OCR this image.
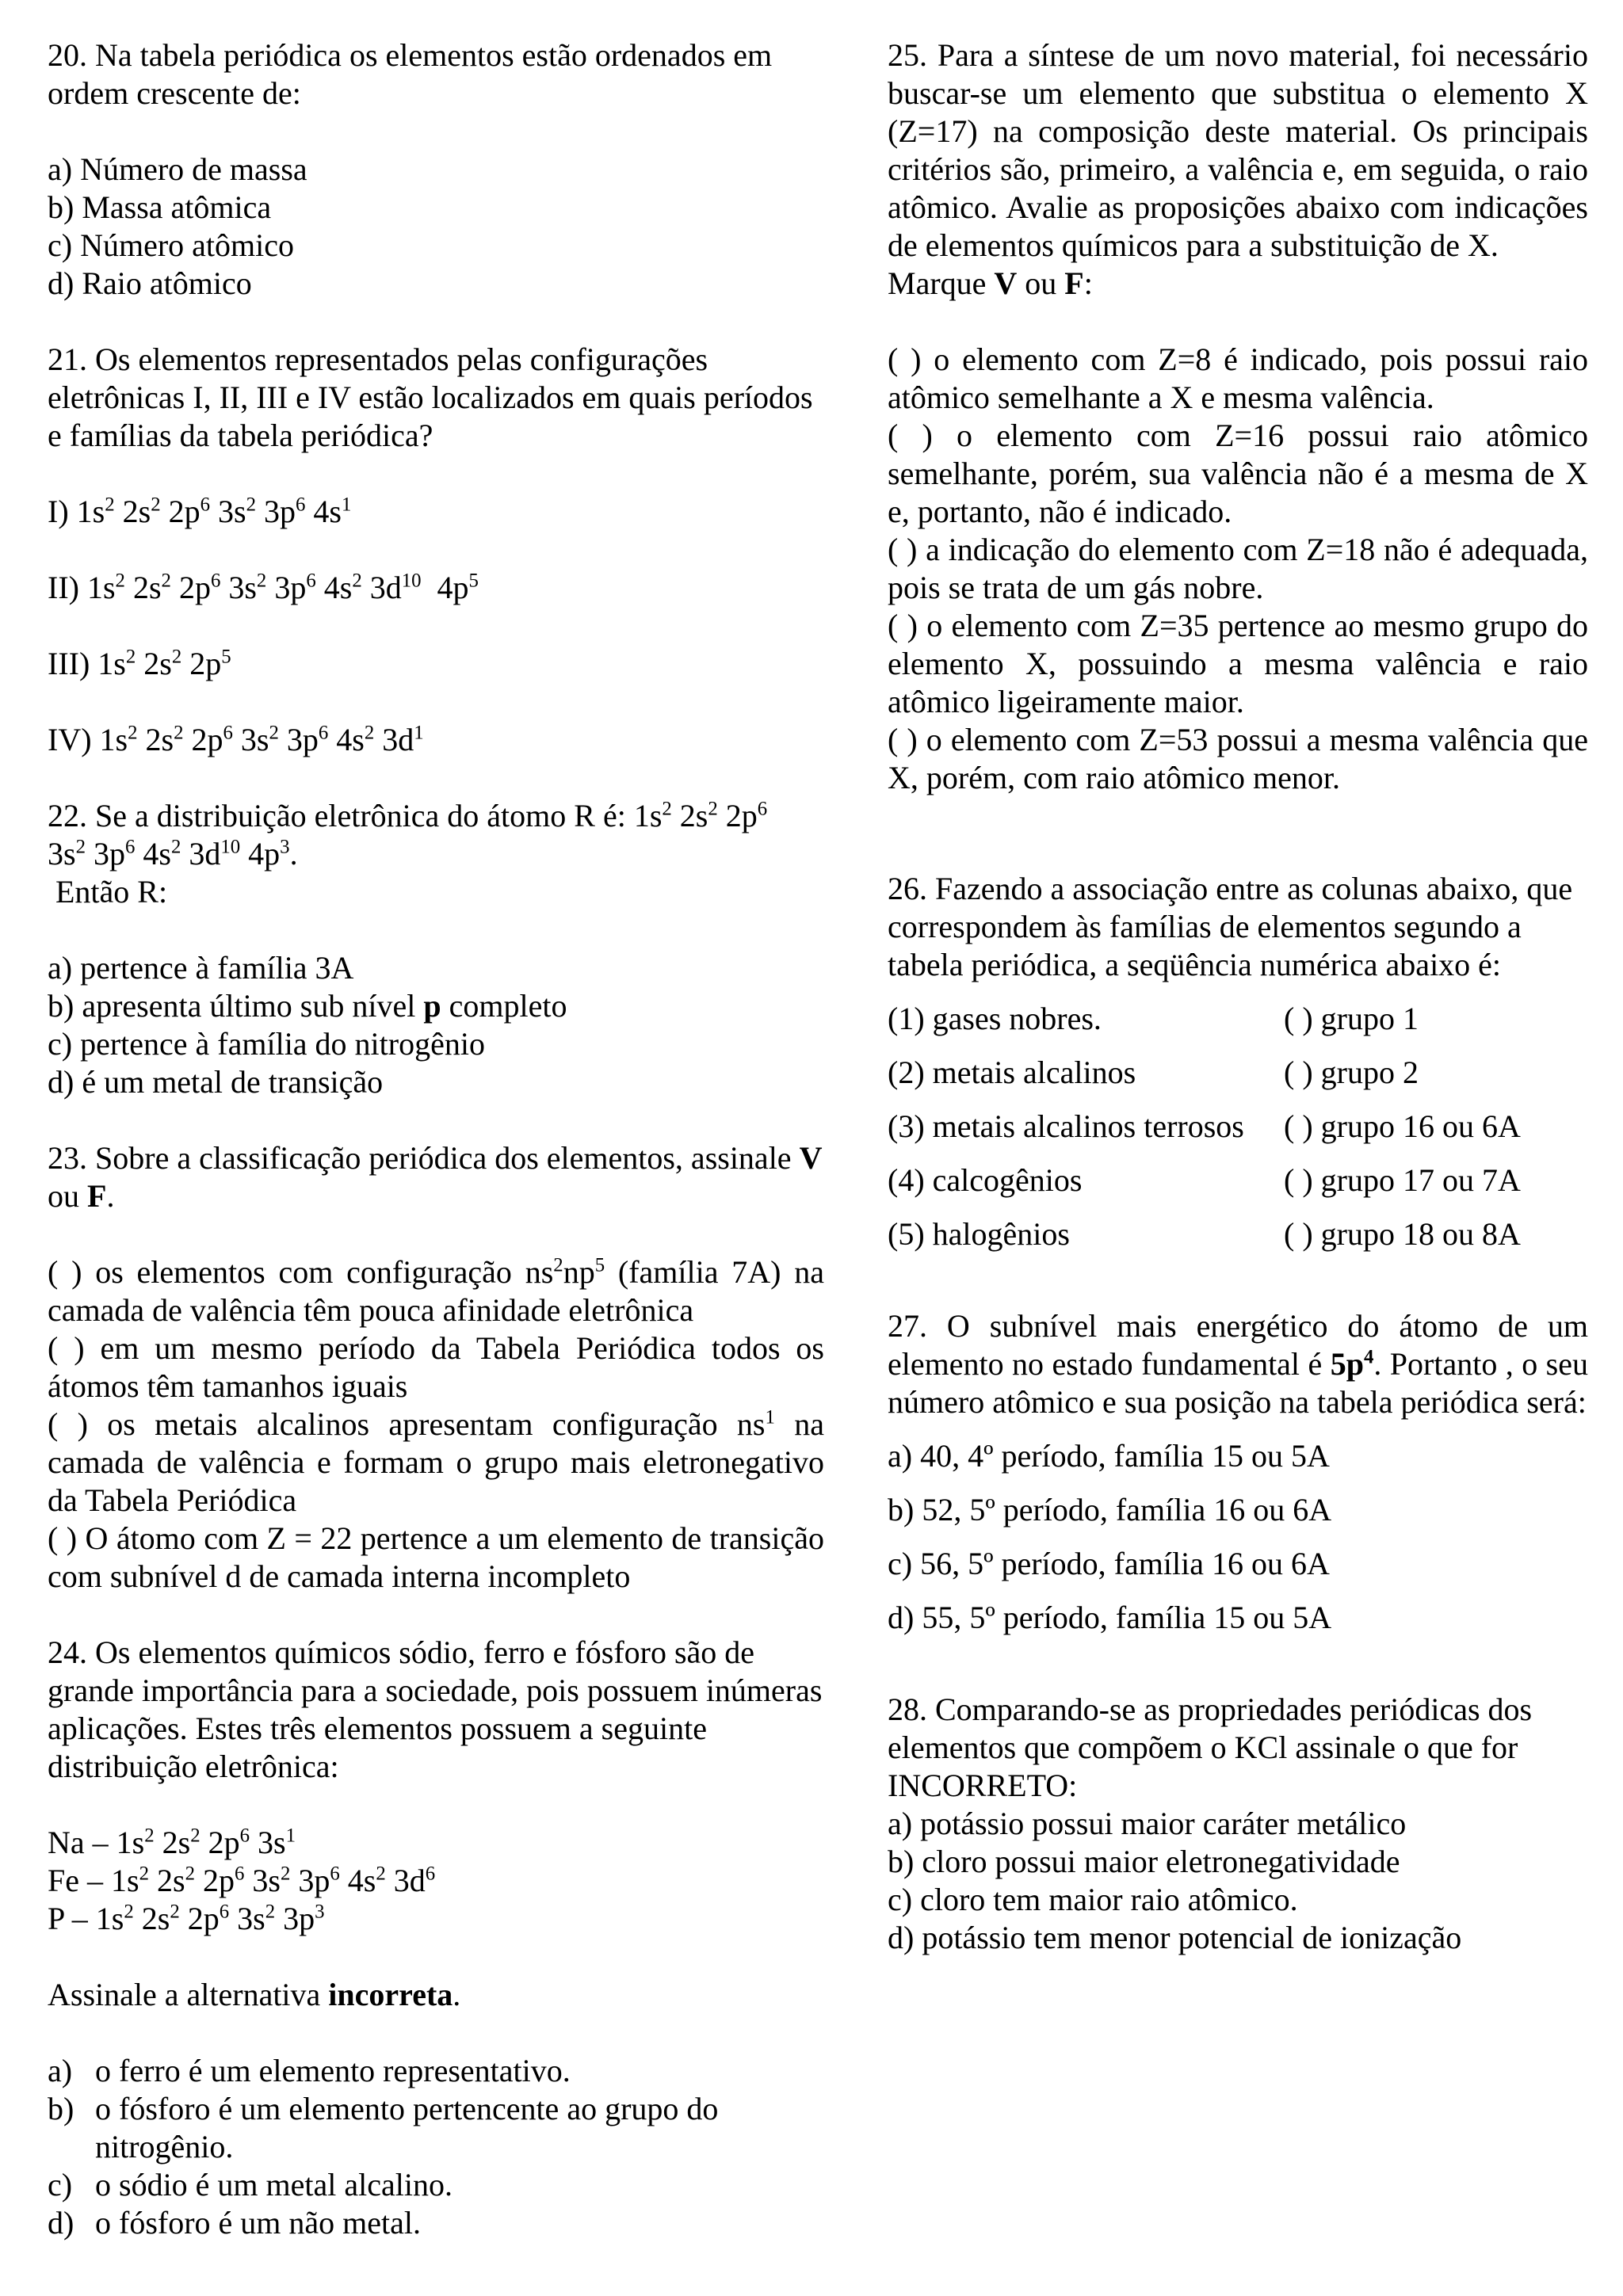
20. Na tabela periódica os elementos estão ordenados em ordem crescente de:

a) Número de massa

b) Massa atômica

c) Número atômico

d) Raio atômico

21. Os elementos representados pelas configurações eletrônicas I, II, III e IV estão localizados em quais períodos e famílias da tabela periódica?

I) $1s^2$ $2s^2$ $2p^6$ $3s^2$ $3p^6$ $4s^1$

II) $1s^2$ $2s^2$ $2p^6$ $3s^2$ $3p^6$ $4s^2$ $3d^{10}$  $4p^5$

III) $1s^2$ $2s^2$ $2p^5$

IV) $1s^2$ $2s^2$ $2p^6$ $3s^2$ $3p^6$ $4s^2$ $3d^1$

22. Se a distribuição eletrônica do átomo R é: $1s^2$ $2s^2$ $2p^6$
$3s^2$ $3p^6$ $4s^2$ $3d^{10}$ $4p^3$.

Então R:

a) pertence à família 3A

b) apresenta último sub nível p completo

c) pertence à família do nitrogênio

d) é um metal de transição

23. Sobre a classificação periódica dos elementos, assinale V ou F.

( ) os elementos com configuração $ns^2np^5$ (família 7A) na camada de valência têm pouca afinidade eletrônica

( ) em um mesmo período da Tabela Periódica todos os átomos têm tamanhos iguais

( ) os metais alcalinos apresentam configuração $ns^1$ na camada de valência e formam o grupo mais eletronegativo da Tabela Periódica

( ) O átomo com Z = 22 pertence a um elemento de transição com subnível d de camada interna incompleto

24. Os elementos químicos sódio, ferro e fósforo são de grande importância para a sociedade, pois possuem inúmeras aplicações. Estes três elementos possuem a seguinte distribuição eletrônica:

Na – $1s^2$ $2s^2$ $2p^6$ $3s^1$

Fe – $1s^2$ $2s^2$ $2p^6$ $3s^2$ $3p^6$ $4s^2$ $3d^6$

P – $1s^2$ $2s^2$ $2p^6$ $3s^2$ $3p^3$

Assinale a alternativa incorreta.

a) o ferro é um elemento representativo.
b) o fósforo é um elemento pertencente ao grupo do nitrogênio.
c) o sódio é um metal alcalino.
d) o fósforo é um não metal.

25. Para a síntese de um novo material, foi necessário buscar-se um elemento que substitua o elemento X (Z=17) na composição deste material. Os principais critérios são, primeiro, a valência e, em seguida, o raio atômico. Avalie as proposições abaixo com indicações de elementos químicos para a substituição de X.

Marque V ou F:

( ) o elemento com Z=8 é indicado, pois possui raio atômico semelhante a X e mesma valência.

( ) o elemento com Z=16 possui raio atômico semelhante, porém, sua valência não é a mesma de X e, portanto, não é indicado.

( ) a indicação do elemento com Z=18 não é adequada, pois se trata de um gás nobre.

( ) o elemento com Z=35 pertence ao mesmo grupo do elemento X, possuindo a mesma valência e raio atômico ligeiramente maior.

( ) o elemento com Z=53 possui a mesma valência que X, porém, com raio atômico menor.

26. Fazendo a associação entre as colunas abaixo, que correspondem às famílias de elementos segundo a tabela periódica, a seqüência numérica abaixo é:

(1) gases nobres.	( ) grupo 1
(2) metais alcalinos	( ) grupo 2
(3) metais alcalinos terrosos	( ) grupo 16 ou 6A
(4) calcogênios	( ) grupo 17 ou 7A
(5) halogênios	( ) grupo 18 ou 8A

27. O subnível mais energético do átomo de um elemento no estado fundamental é $5p^4$. Portanto , o seu número atômico e sua posição na tabela periódica será:

a) 40, 4º período, família 15 ou 5A

b) 52, 5º período, família 16 ou 6A

c) 56, 5º período, família 16 ou 6A

d) 55, 5º período, família 15 ou 5A

28. Comparando-se as propriedades periódicas dos elementos que compõem o KCl assinale o que for INCORRETO:

a) potássio possui maior caráter metálico

b) cloro possui maior eletronegatividade

c) cloro tem maior raio atômico.

d) potássio tem menor potencial de ionização
